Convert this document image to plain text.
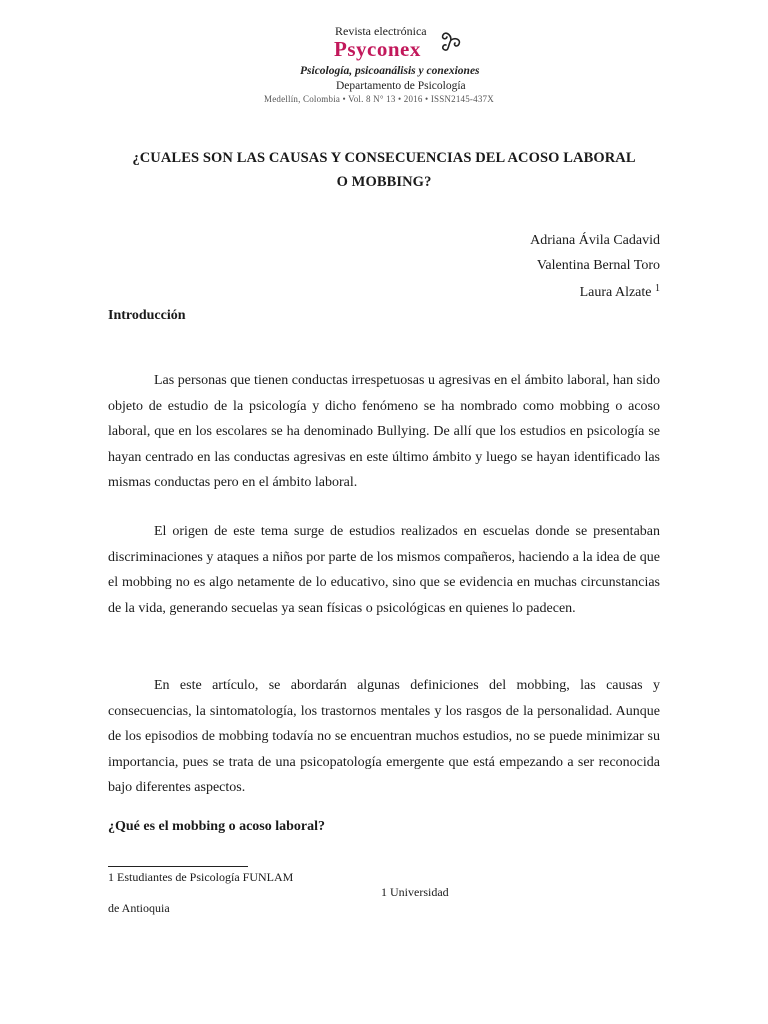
Revista electrónica
Psyconex
Psicología, psicoanálisis y conexiones
Departamento de Psicología
Medellín, Colombia • Vol. 8 N° 13 • 2016 • ISSN2145-437X
¿CUALES SON LAS CAUSAS Y CONSECUENCIAS DEL ACOSO LABORAL
O MOBBING?
Adriana Ávila Cadavid
Valentina Bernal Toro
Laura Alzate $^1$
Introducción
Las personas que tienen conductas irrespetuosas u agresivas en el ámbito laboral, han sido objeto de estudio de la psicología y dicho fenómeno se ha nombrado como mobbing o acoso laboral, que en los escolares se ha denominado Bullying. De allí que los estudios en psicología se hayan centrado en las conductas agresivas en este último ámbito y luego se hayan identificado las mismas conductas pero en el ámbito laboral.
El origen de este tema surge de estudios realizados en escuelas donde se presentaban discriminaciones y ataques a niños por parte de los mismos compañeros, haciendo a la idea de que el mobbing no es algo netamente de lo educativo, sino que se evidencia en muchas circunstancias de la vida, generando secuelas ya sean físicas o psicológicas en quienes lo padecen.
En este artículo, se abordarán algunas definiciones del mobbing, las causas y consecuencias, la sintomatología, los trastornos mentales y los rasgos de la personalidad. Aunque de los episodios de mobbing todavía no se encuentran muchos estudios, no se puede minimizar su importancia, pues se trata de una psicopatología emergente que está empezando a ser reconocida bajo diferentes aspectos.
¿Qué es el mobbing o acoso laboral?
1 Estudiantes de Psicología FUNLAM
1 Universidad
de Antioquia
